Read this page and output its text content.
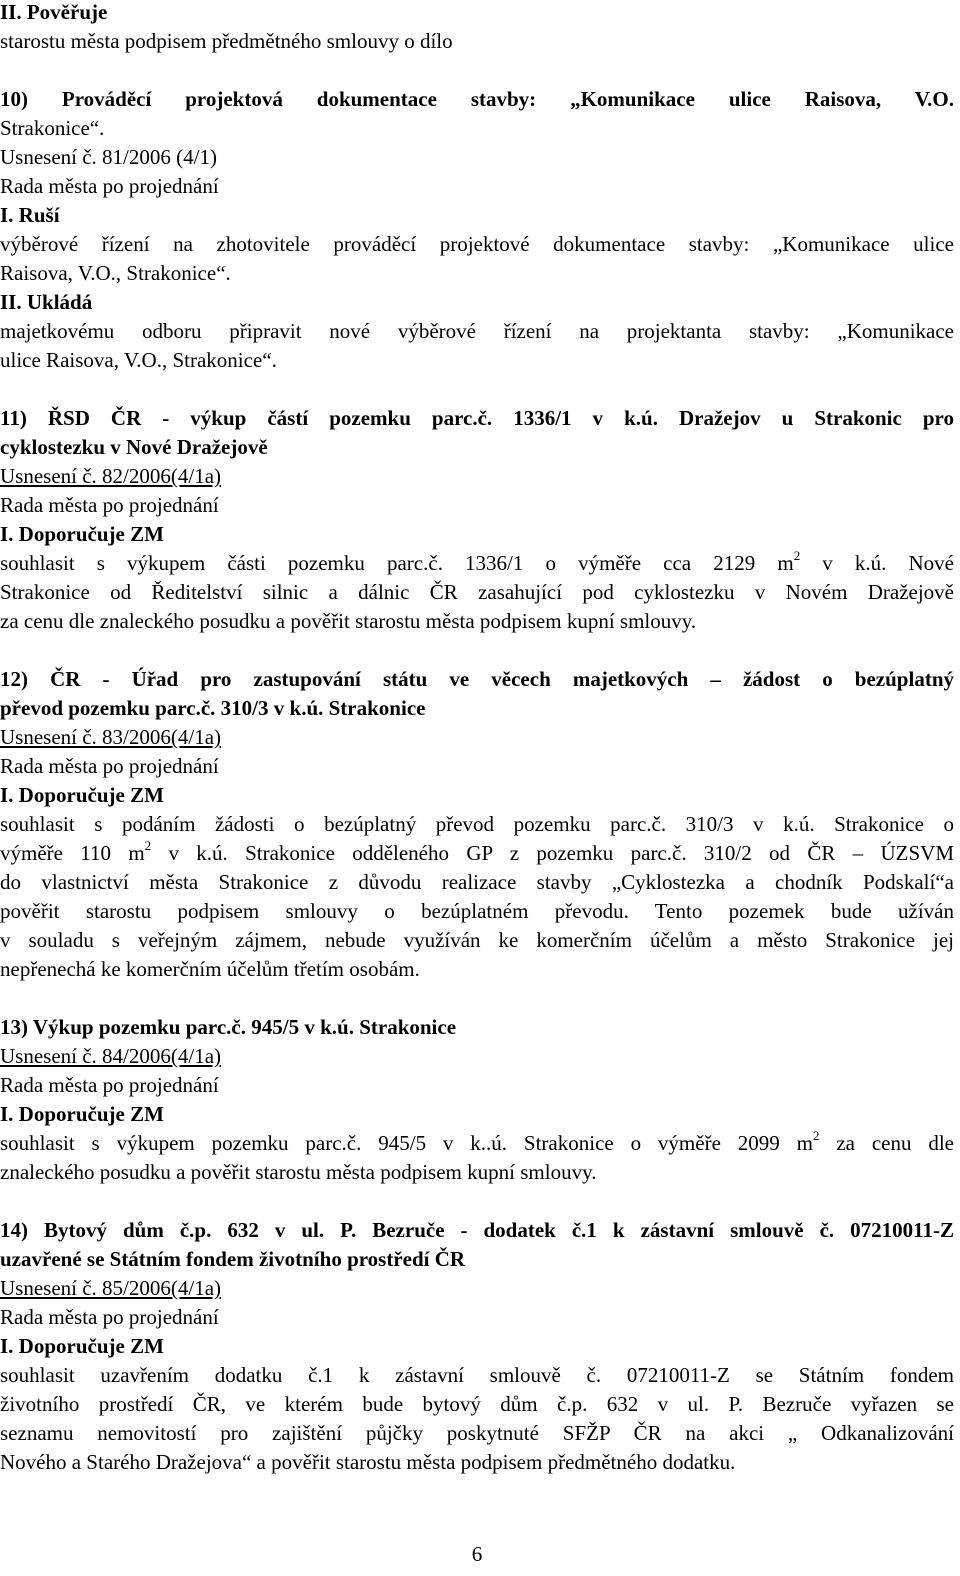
II. Pověřuje
starostu města podpisem předmětného smlouvy o dílo
10) Prováděcí projektová dokumentace stavby: „Komunikace ulice Raisova, V.O.
Strakonice“.
Usnesení č. 81/2006 (4/1)
Rada města po projednání
I. Ruší
výběrové řízení na zhotovitele prováděcí projektové dokumentace stavby: „Komunikace ulice
Raisova, V.O., Strakonice“.
II. Ukládá
majetkovému odboru připravit nové výběrové řízení na projektanta stavby: „Komunikace
ulice Raisova, V.O., Strakonice“.
11) ŘSD ČR - výkup částí pozemku parc.č. 1336/1 v k.ú. Dražejov u Strakonic pro
cyklostezku v Nové Dražejově
Usnesení č. 82/2006(4/1a)
Rada města po projednání
I. Doporučuje ZM
souhlasit s výkupem části pozemku parc.č. 1336/1 o výměře cca 2129 $m^2$ v k.ú. Nové
Strakonice od Ředitelství silnic a dálnic ČR zasahující pod cyklostezku v Novém Dražejově
za cenu dle znaleckého posudku a pověřit starostu města podpisem kupní smlouvy.
12) ČR - Úřad pro zastupování státu ve věcech majetkových – žádost o bezúplatný
převod pozemku parc.č. 310/3 v k.ú. Strakonice
Usnesení č. 83/2006(4/1a)
Rada města po projednání
I. Doporučuje ZM
souhlasit s podáním žádosti o bezúplatný převod pozemku parc.č. 310/3 v k.ú. Strakonice o
výměře 110 $m^2$ v k.ú. Strakonice odděleného GP z pozemku parc.č. 310/2 od ČR – ÚZSVM
do vlastnictví města Strakonice z důvodu realizace stavby „Cyklostezka a chodník Podskalí“a
pověřit starostu podpisem smlouvy o bezúplatném převodu. Tento pozemek bude užíván
v souladu s veřejným zájmem, nebude využíván ke komerčním účelům a město Strakonice jej
nepřenechá ke komerčním účelům třetím osobám.
13) Výkup pozemku parc.č. 945/5 v k.ú. Strakonice
Usnesení č. 84/2006(4/1a)
Rada města po projednání
I. Doporučuje ZM
souhlasit s výkupem pozemku parc.č. 945/5 v k..ú. Strakonice o výměře 2099 $m^2$ za cenu dle
znaleckého posudku a pověřit starostu města podpisem kupní smlouvy.
14) Bytový dům č.p. 632 v ul. P. Bezruče - dodatek č.1 k zástavní smlouvě č. 07210011-Z
uzavřené se Státním fondem životního prostředí ČR
Usnesení č. 85/2006(4/1a)
Rada města po projednání
I. Doporučuje ZM
souhlasit uzavřením dodatku č.1 k zástavní smlouvě č. 07210011-Z se Státním fondem
životního prostředí ČR, ve kterém bude bytový dům č.p. 632 v ul. P. Bezruče vyřazen se
seznamu nemovitostí pro zajištění půjčky poskytnuté SFŽP ČR na akci „ Odkanalizování
Nového a Starého Dražejova“ a pověřit starostu města podpisem předmětného dodatku.
6
